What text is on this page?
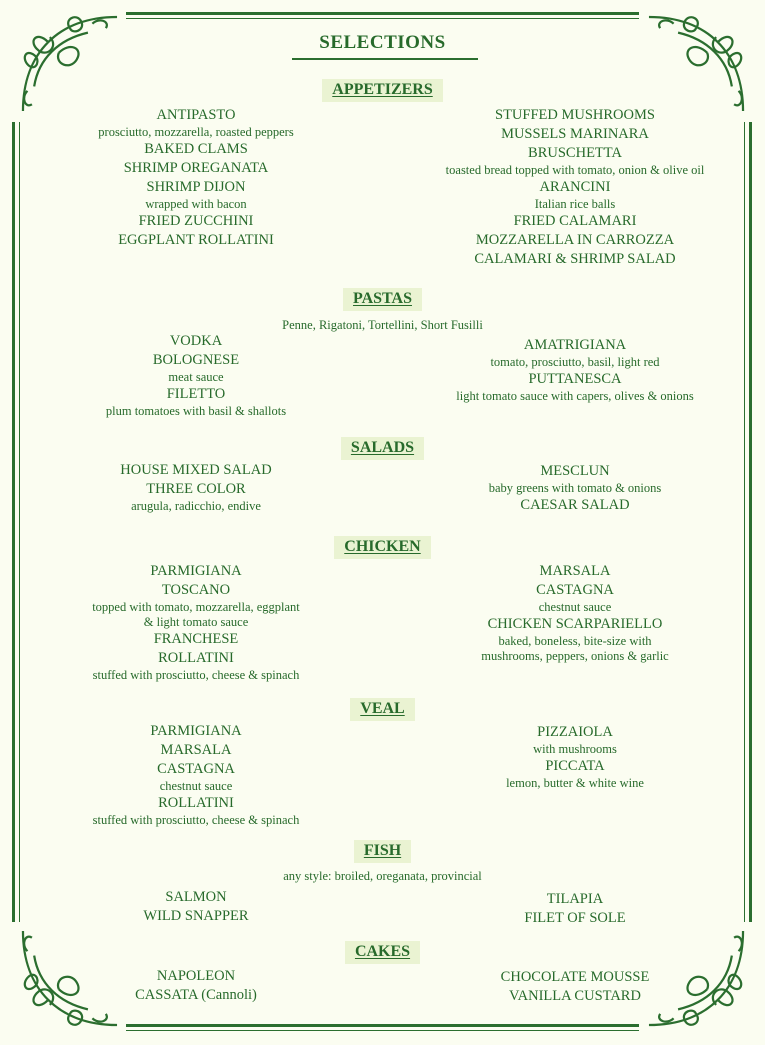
SELECTIONS
APPETIZERS
ANTIPASTO
prosciutto, mozzarella, roasted peppers
BAKED CLAMS
SHRIMP OREGANATA
SHRIMP DIJON
wrapped with bacon
FRIED ZUCCHINI
EGGPLANT ROLLATINI
STUFFED MUSHROOMS
MUSSELS MARINARA
BRUSCHETTA
toasted bread topped with tomato, onion & olive oil
ARANCINI
Italian rice balls
FRIED CALAMARI
MOZZARELLA IN CARROZZA
CALAMARI & SHRIMP SALAD
PASTAS
Penne, Rigatoni, Tortellini, Short Fusilli
VODKA
BOLOGNESE
meat sauce
FILETTO
plum tomatoes with basil & shallots
AMATRIGIANA
tomato, prosciutto, basil, light red
PUTTANESCA
light tomato sauce with capers, olives & onions
SALADS
HOUSE MIXED SALAD
THREE COLOR
arugula, radicchio, endive
MESCLUN
baby greens with tomato & onions
CAESAR SALAD
CHICKEN
PARMIGIANA
TOSCANO
topped with tomato, mozzarella, eggplant
& light tomato sauce
FRANCHESE
ROLLATINI
stuffed with prosciutto, cheese & spinach
MARSALA
CASTAGNA
chestnut sauce
CHICKEN SCARPARIELLO
baked, boneless, bite-size with
mushrooms, peppers, onions & garlic
VEAL
PARMIGIANA
MARSALA
CASTAGNA
chestnut sauce
ROLLATINI
stuffed with prosciutto, cheese & spinach
PIZZAIOLA
with mushrooms
PICCATA
lemon, butter & white wine
FISH
any style: broiled, oreganata, provincial
SALMON
WILD SNAPPER
TILAPIA
FILET OF SOLE
CAKES
NAPOLEON
CASSATA (Cannoli)
CHOCOLATE MOUSSE
VANILLA CUSTARD
